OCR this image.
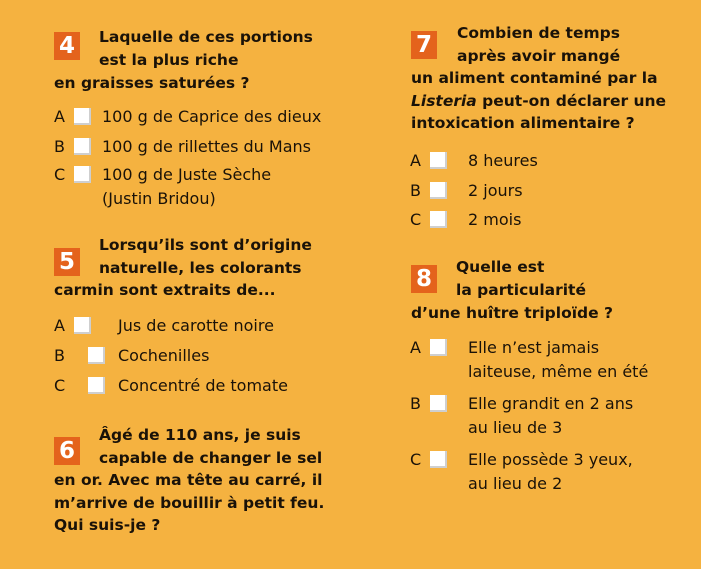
4	Laquelle de ces portions
est la plus riche
en graisses saturées ?
A	100 g de Caprice des dieux
B	100 g de rillettes du Mans
C	100 g de Juste Sèche
(Justin Bridou)
5
Lorsqu’ils sont d’origine
naturelle, les colorants
carmin sont extraits de...
A	Jus de carotte noire
B	Cochenilles
C	Concentré de tomate
6
Âgé de 110 ans, je suis
capable de changer le sel
en or. Avec ma tête au carré, il
m’arrive de bouillir à petit feu.
Qui suis-je ?
7	Combien de temps
après avoir mangé
un aliment contaminé par la
Listeria peut-on déclarer une
intoxication alimentaire ?
A	8 heures
B	2 jours
C	2 mois
8	Quelle est
la particularité
d’une huître triploïde ?
A	Elle n’est jamais
laiteuse, même en été
B	Elle grandit en 2 ans
au lieu de 3
C	Elle possède 3 yeux,
au lieu de 2
